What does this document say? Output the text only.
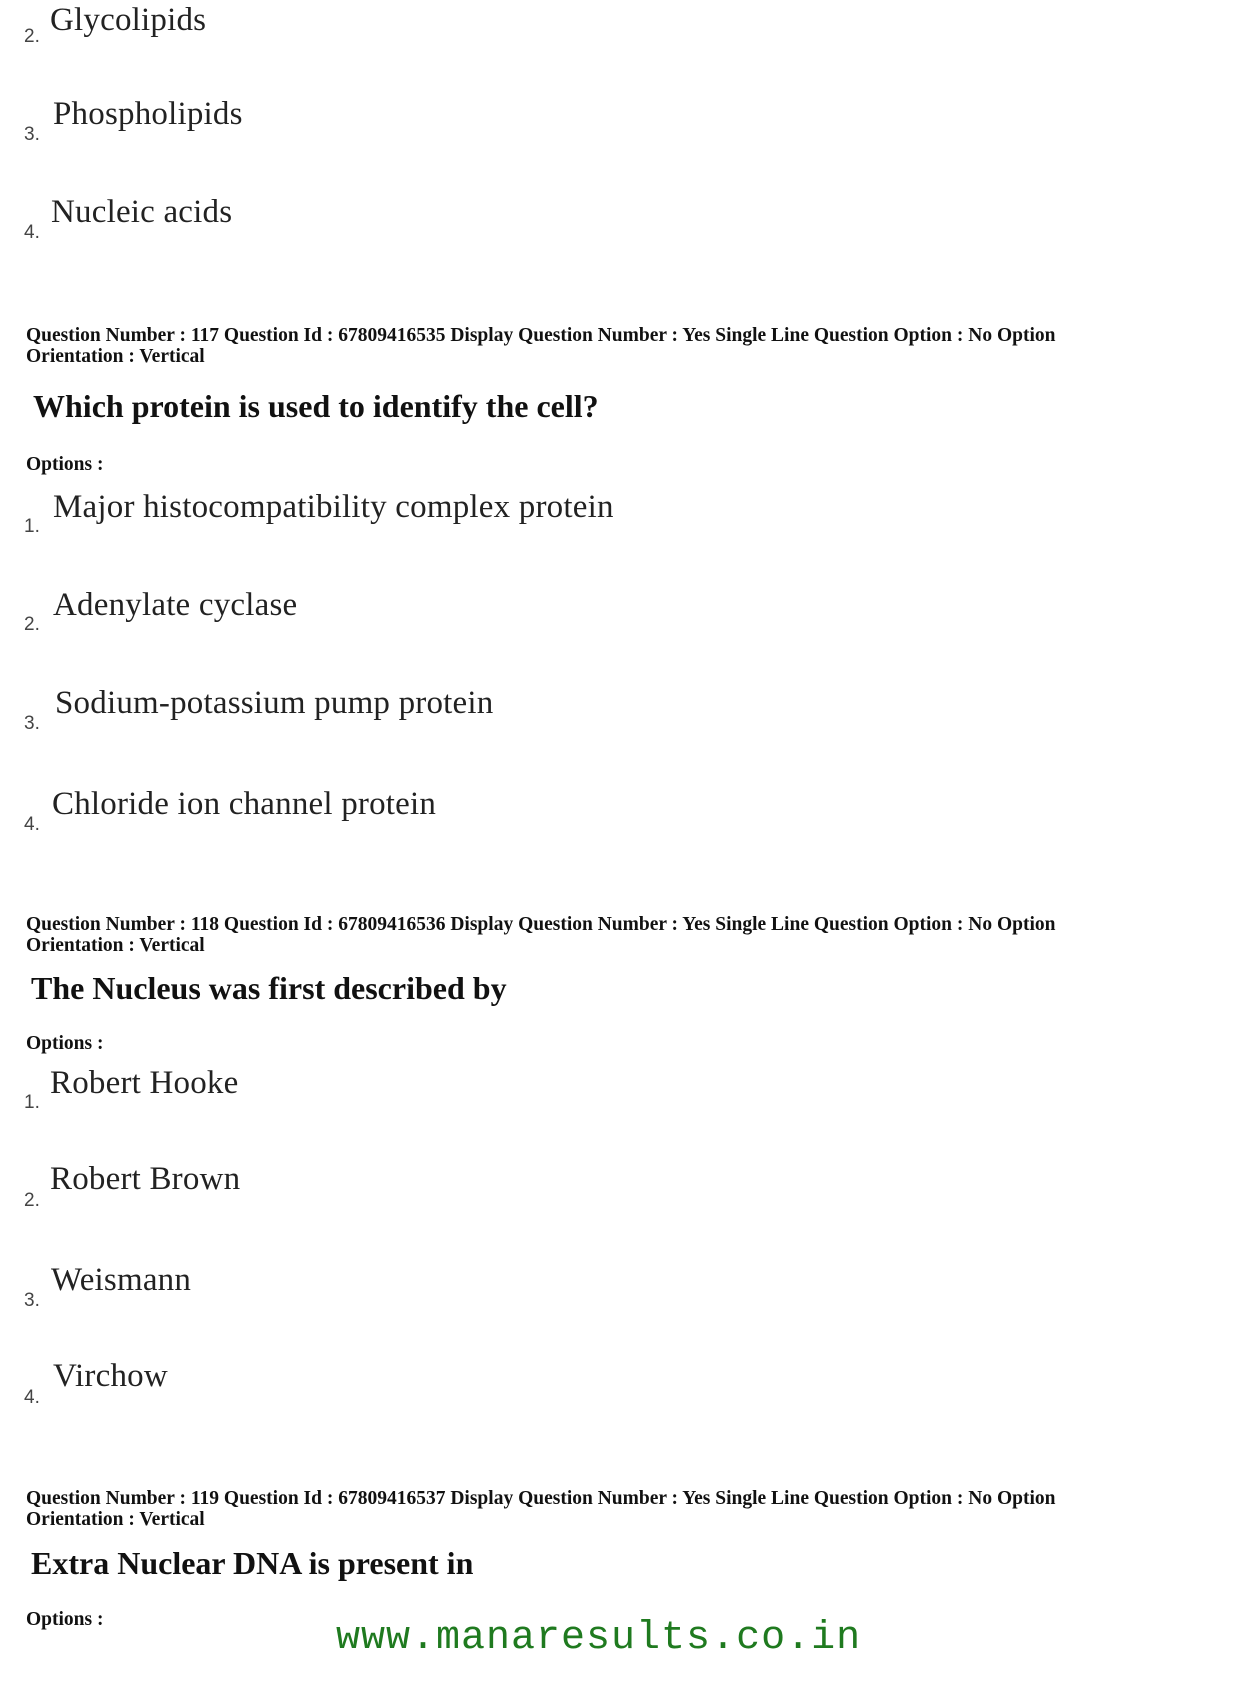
2. Glycolipids
3.
Phospholipids
4.
Nucleic acids
Question Number : 117 Question Id : 67809416535 Display Question Number : Yes Single Line Question Option : No Option
Orientation : Vertical
Which protein is used to identify the cell?
Options :
1.
Major histocompatibility complex protein
2.
Adenylate cyclase
3.
Sodium-potassium pump protein
4.
Chloride ion channel protein
Question Number : 118 Question Id : 67809416536 Display Question Number : Yes Single Line Question Option : No Option
Orientation : Vertical
The Nucleus was first described by
Options :
1.
Robert Hooke
2.
Robert Brown
3.
Weismann
4.
Virchow
Question Number : 119 Question Id : 67809416537 Display Question Number : Yes Single Line Question Option : No Option
Orientation : Vertical
Extra Nuclear DNA is present in
Options :	www.manaresults.co.in
